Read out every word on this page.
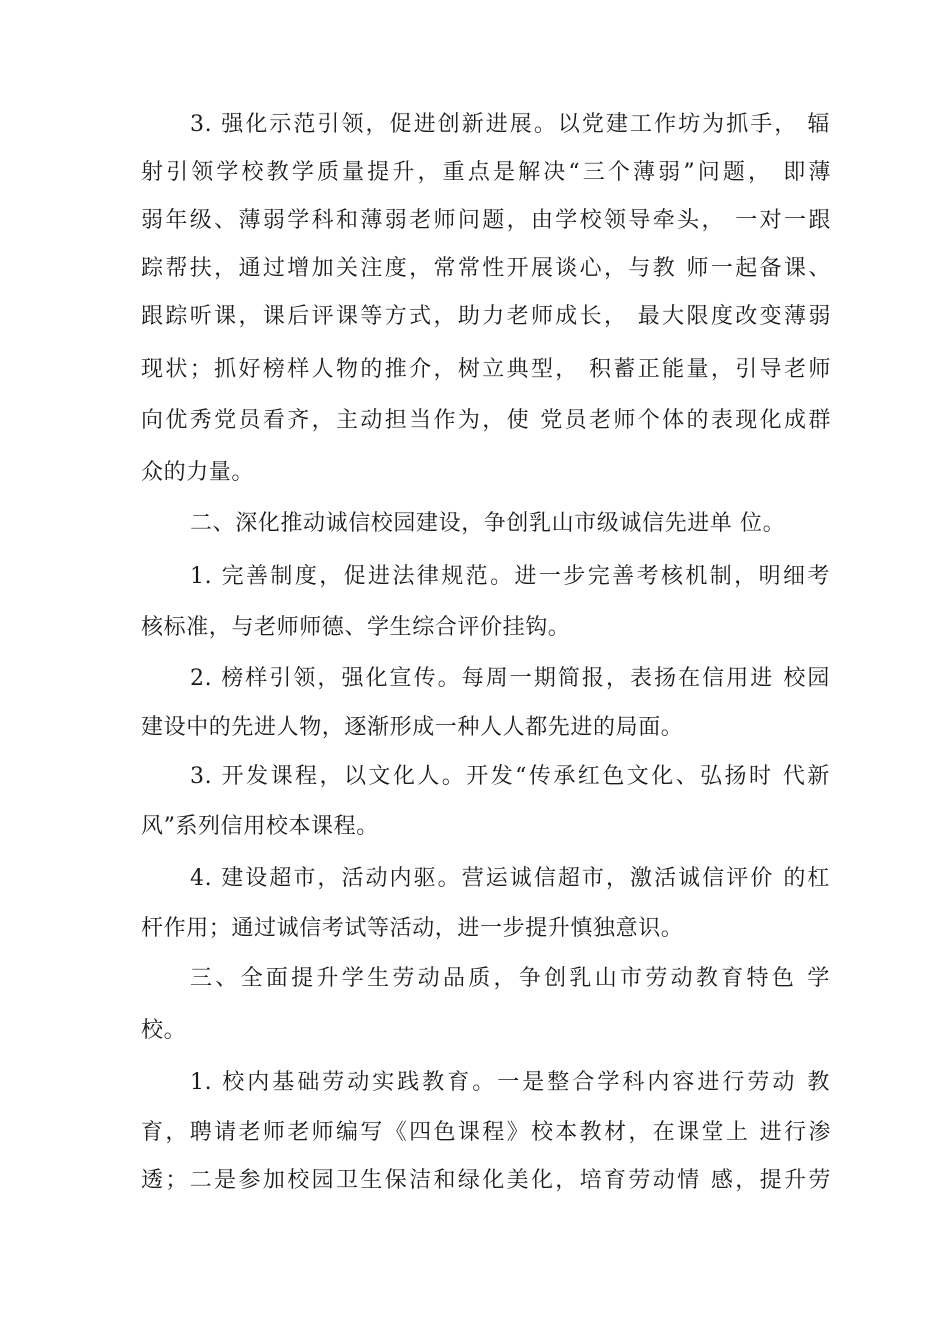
3. 强化示范引领，促进创新进展。以党建工作坊为抓手， 辐
射引领学校教学质量提升，重点是解决“三个薄弱”问题， 即薄
弱年级、薄弱学科和薄弱老师问题，由学校领导牵头， 一对一跟
踪帮扶，通过增加关注度，常常性开展谈心，与教 师一起备课、
跟踪听课，课后评课等方式，助力老师成长， 最大限度改变薄弱
现状；抓好榜样人物的推介，树立典型， 积蓄正能量，引导老师
向优秀党员看齐，主动担当作为，使 党员老师个体的表现化成群
众的力量。
二、深化推动诚信校园建设，争创乳山市级诚信先进单 位。
1. 完善制度，促进法律规范。进一步完善考核机制，明细考
核标准，与老师师德、学生综合评价挂钩。
2. 榜样引领，强化宣传。每周一期简报，表扬在信用进 校园
建设中的先进人物，逐渐形成一种人人都先进的局面。
3. 开发课程，以文化人。开发“传承红色文化、弘扬时 代新
风”系列信用校本课程。
4. 建设超市，活动内驱。营运诚信超市，激活诚信评价 的杠
杆作用；通过诚信考试等活动，进一步提升慎独意识。
三、全面提升学生劳动品质，争创乳山市劳动教育特色 学
校。
1. 校内基础劳动实践教育。一是整合学科内容进行劳动 教
育，聘请老师老师编写《四色课程》校本教材，在课堂上 进行渗
透；二是参加校园卫生保洁和绿化美化，培育劳动情 感，提升劳
